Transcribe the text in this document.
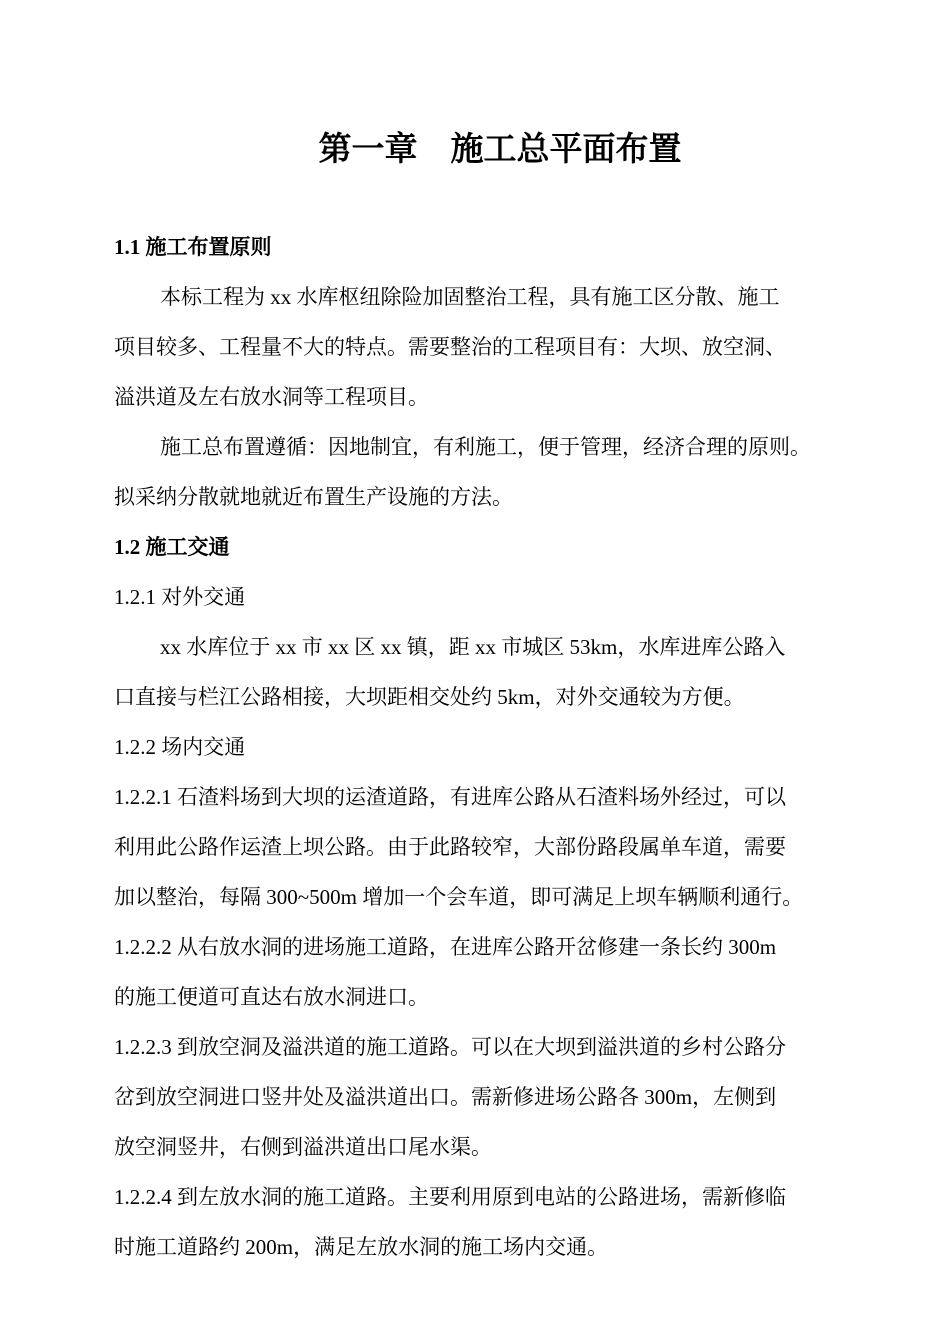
第一章    施工总平面布置
1.1 施工布置原则
本标工程为 xx 水库枢纽除险加固整治工程，具有施工区分散、施工
项目较多、工程量不大的特点。需要整治的工程项目有：大坝、放空洞、
溢洪道及左右放水洞等工程项目。
施工总布置遵循：因地制宜，有利施工，便于管理，经济合理的原则。
拟采纳分散就地就近布置生产设施的方法。
1.2 施工交通
1.2.1 对外交通
xx 水库位于 xx 市 xx 区 xx 镇，距 xx 市城区 53km，水库进库公路入
口直接与栏江公路相接，大坝距相交处约 5km，对外交通较为方便。
1.2.2 场内交通
1.2.2.1 石渣料场到大坝的运渣道路，有进库公路从石渣料场外经过，可以
利用此公路作运渣上坝公路。由于此路较窄，大部份路段属单车道，需要
加以整治，每隔 300~500m 增加一个会车道，即可满足上坝车辆顺利通行。
1.2.2.2 从右放水洞的进场施工道路，在进库公路开岔修建一条长约 300m
的施工便道可直达右放水洞进口。
1.2.2.3 到放空洞及溢洪道的施工道路。可以在大坝到溢洪道的乡村公路分
岔到放空洞进口竖井处及溢洪道出口。需新修进场公路各 300m，左侧到
放空洞竖井，右侧到溢洪道出口尾水渠。
1.2.2.4 到左放水洞的施工道路。主要利用原到电站的公路进场，需新修临
时施工道路约 200m，满足左放水洞的施工场内交通。
